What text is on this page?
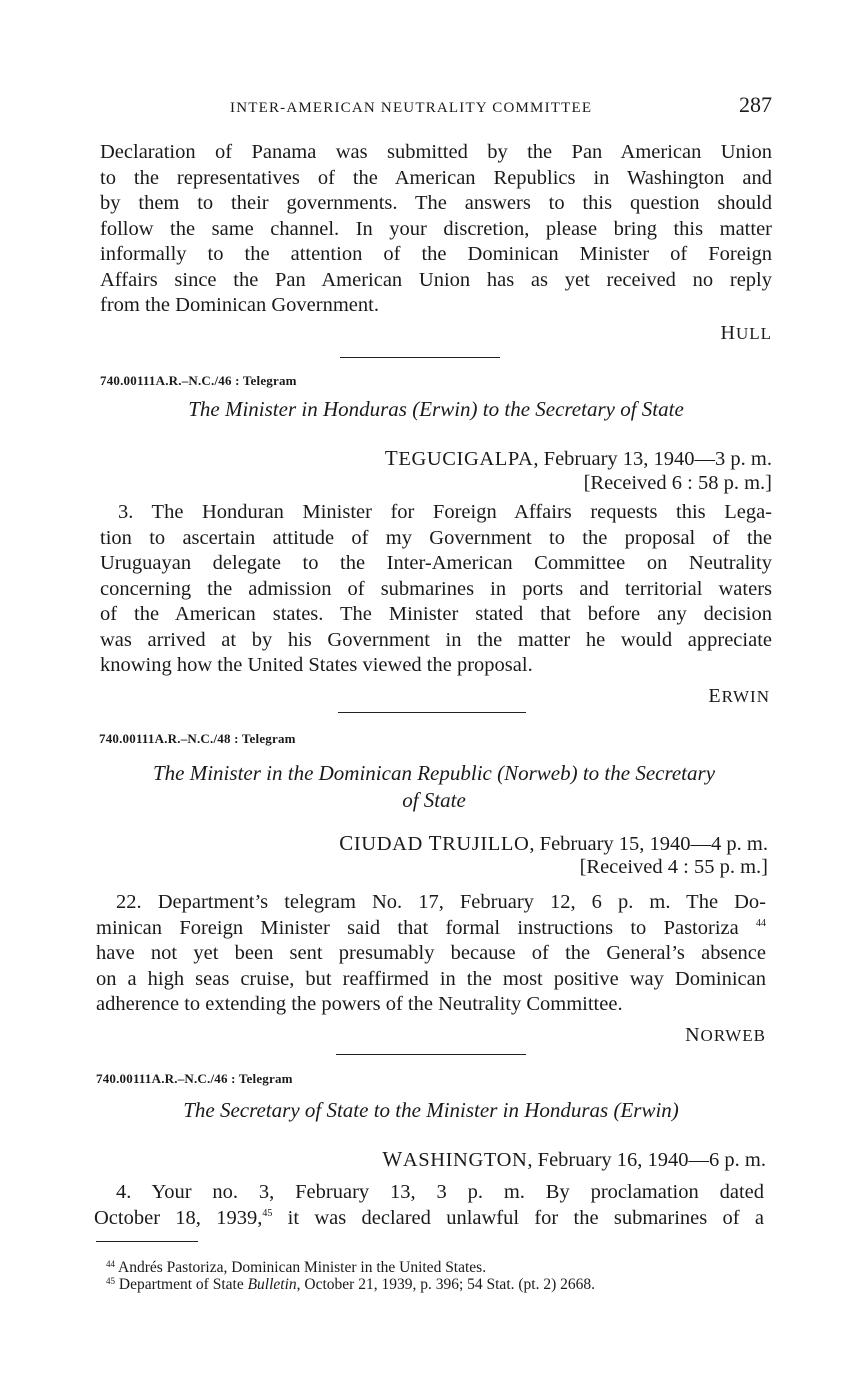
INTER-AMERICAN NEUTRALITY COMMITTEE	287
Declaration of Panama was submitted by the Pan American Union
to the representatives of the American Republics in Washington and
by them to their governments. The answers to this question should
follow the same channel. In your discretion, please bring this matter
informally to the attention of the Dominican Minister of Foreign
Affairs since the Pan American Union has as yet received no reply
from the Dominican Government.
HULL
740.00111A.R.–N.C./46 : Telegram
The Minister in Honduras (Erwin) to the Secretary of State
TEGUCIGALPA, February 13, 1940—3 p. m.
[Received 6 : 58 p. m.]
3. The Honduran Minister for Foreign Affairs requests this Lega-
tion to ascertain attitude of my Government to the proposal of the
Uruguayan delegate to the Inter-American Committee on Neutrality
concerning the admission of submarines in ports and territorial waters
of the American states. The Minister stated that before any decision
was arrived at by his Government in the matter he would appreciate
knowing how the United States viewed the proposal.
ERWIN
740.00111A.R.–N.C./48 : Telegram
The Minister in the Dominican Republic (Norweb) to the Secretary
of State
CIUDAD TRUJILLO, February 15, 1940—4 p. m.
[Received 4 : 55 p. m.]
22. Department’s telegram No. 17, February 12, 6 p. m. The Do-
minican Foreign Minister said that formal instructions to Pastoriza $^{44}$
have not yet been sent presumably because of the General’s absence
on a high seas cruise, but reaffirmed in the most positive way Dominican
adherence to extending the powers of the Neutrality Committee.
NORWEB
740.00111A.R.–N.C./46 : Telegram
The Secretary of State to the Minister in Honduras (Erwin)
WASHINGTON, February 16, 1940—6 p. m.
4. Your no. 3, February 13, 3 p. m. By proclamation dated
October 18, 1939,45 it was declared unlawful for the submarines of a
$^{44}$ Andrés Pastoriza, Dominican Minister in the United States.
$^{45}$ Department of State Bulletin, October 21, 1939, p. 396; 54 Stat. (pt. 2) 2668.
